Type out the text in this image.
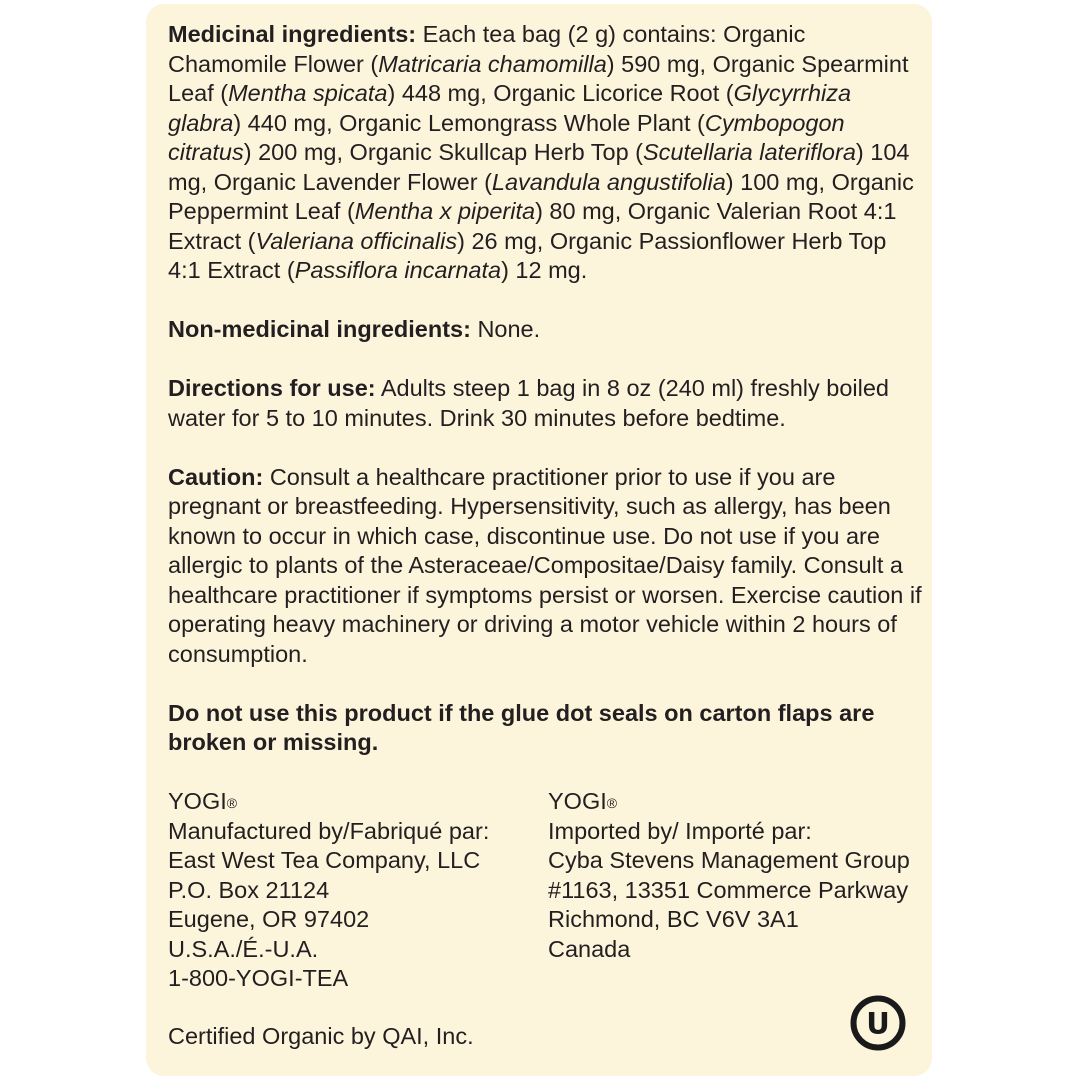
Medicinal ingredients: Each tea bag (2 g) contains: Organic Chamomile Flower (Matricaria chamomilla) 590 mg, Organic Spearmint Leaf (Mentha spicata) 448 mg, Organic Licorice Root (Glycyrrhiza glabra) 440 mg, Organic Lemongrass Whole Plant (Cymbopogon citratus) 200 mg, Organic Skullcap Herb Top (Scutellaria lateriflora) 104 mg, Organic Lavender Flower (Lavandula angustifolia) 100 mg, Organic Peppermint Leaf (Mentha x piperita) 80 mg, Organic Valerian Root 4:1 Extract (Valeriana officinalis) 26 mg, Organic Passionflower Herb Top 4:1 Extract (Passiflora incarnata) 12 mg.

Non-medicinal ingredients: None.

Directions for use: Adults steep 1 bag in 8 oz (240 ml) freshly boiled water for 5 to 10 minutes. Drink 30 minutes before bedtime.

Caution: Consult a healthcare practitioner prior to use if you are pregnant or breastfeeding. Hypersensitivity, such as allergy, has been known to occur in which case, discontinue use. Do not use if you are allergic to plants of the Asteraceae/Compositae/Daisy family. Consult a healthcare practitioner if symptoms persist or worsen. Exercise caution if operating heavy machinery or driving a motor vehicle within 2 hours of consumption.

Do not use this product if the glue dot seals on carton flaps are broken or missing.

YOGI®
Manufactured by/Fabriqué par:
East West Tea Company, LLC
P.O. Box 21124
Eugene, OR 97402
U.S.A./É.-U.A.
1-800-YOGI-TEA
YOGI®
Imported by/ Importé par:
Cyba Stevens Management Group
#1163, 13351 Commerce Parkway
Richmond, BC V6V 3A1
Canada
Certified Organic by QAI, Inc.	U
